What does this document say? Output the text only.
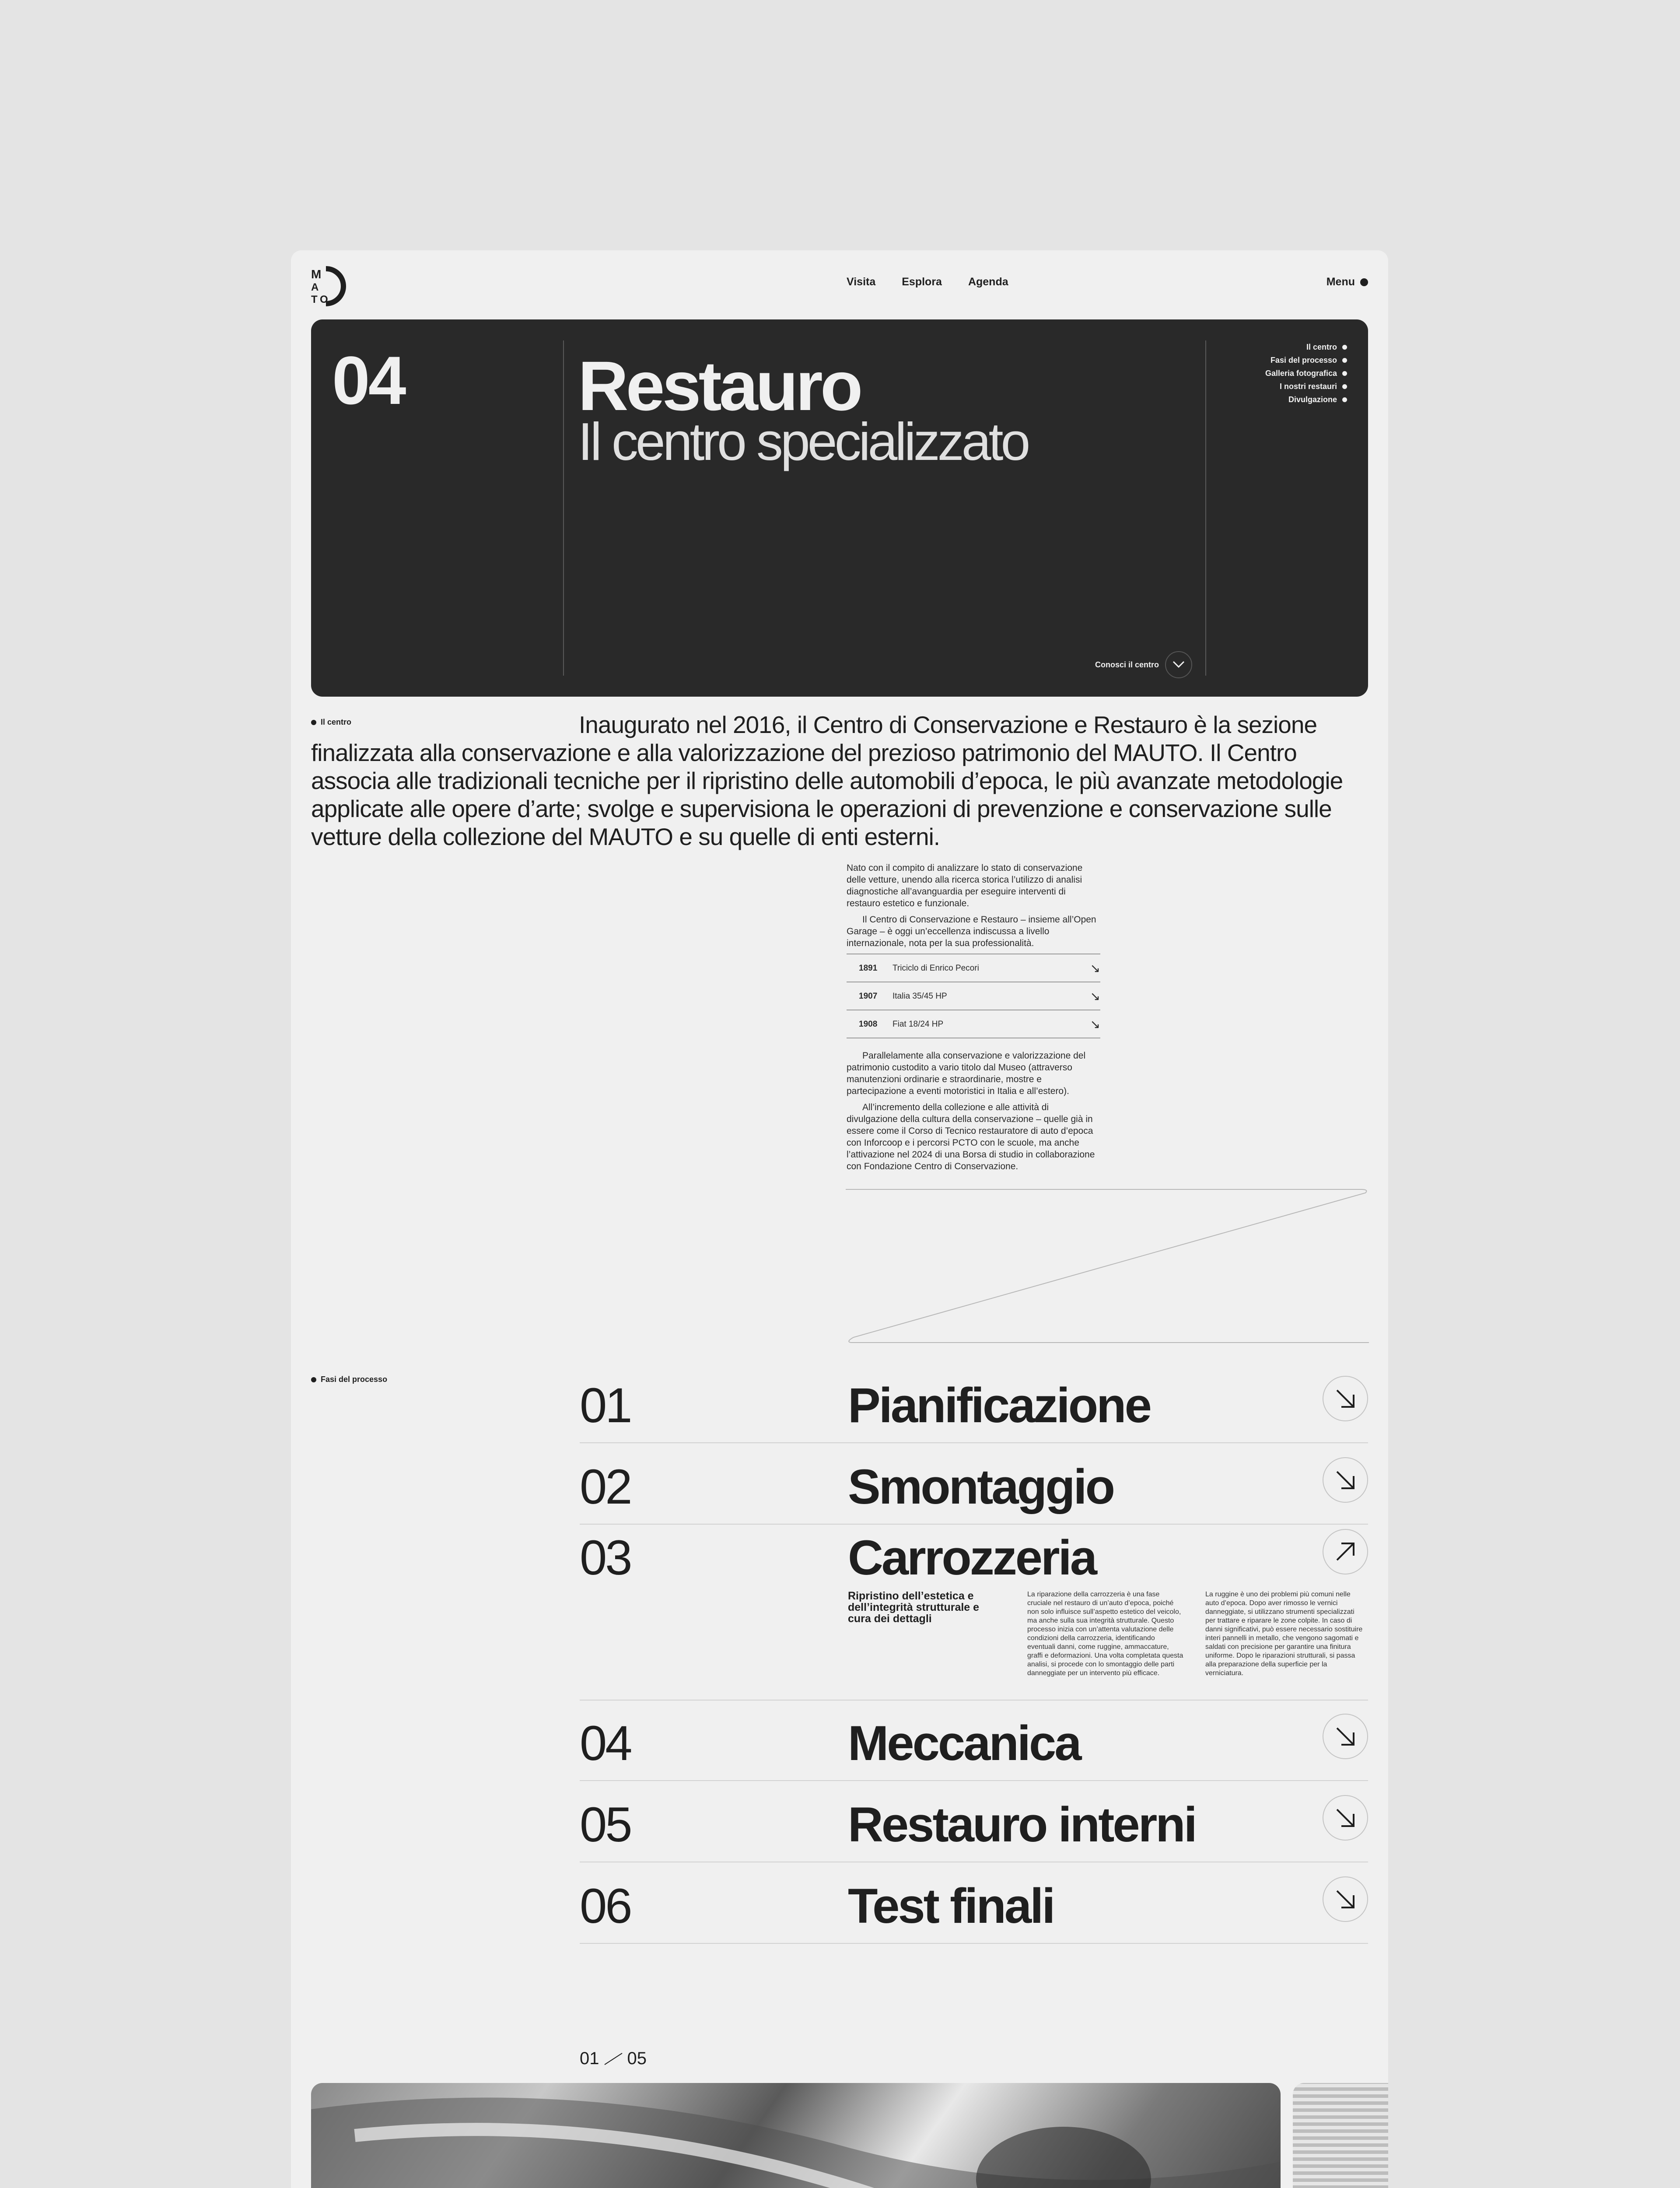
M
A
T O
Visita Esplora Agenda	Menu
04 Restauro
Il centro specializzato
Il centro
Fasi del processo
Galleria fotografica
I nostri restauri
Divulgazione
Conosci il centro
Il centro	Inaugurato nel 2016, il Centro di Conservazione e Restauro è la sezione finalizzata alla conservazione e alla valorizzazione del prezioso patrimonio del MAUTO. Il Centro associa alle tradizionali tecniche per il ripristino delle automobili d’epoca, le più avanzate metodologie applicate alle opere d’arte; svolge e supervisiona le operazioni di prevenzione e conservazione sulle vetture della collezione del MAUTO e su quelle di enti esterni.

Nato con il compito di analizzare lo stato di conservazione delle vetture, unendo alla ricerca storica l’utilizzo di analisi diagnostiche all’avanguardia per eseguire interventi di restauro estetico e funzionale.

Il Centro di Conservazione e Restauro – insieme all’Open Garage – è oggi un’eccellenza indiscussa a livello internazionale, nota per la sua professionalità.

1891	Triciclo di Enrico Pecori	↘
1907	Italia 35/45 HP	↘
1908	Fiat 18/24 HP	↘

Parallelamente alla conservazione e valorizzazione del patrimonio custodito a vario titolo dal Museo (attraverso manutenzioni ordinarie e straordinarie, mostre e partecipazione a eventi motoristici in Italia e all’estero).

All’incremento della collezione e alle attività di divulgazione della cultura della conservazione – quelle già in essere come il Corso di Tecnico restauratore di auto d’epoca con Inforcoop e i percorsi PCTO con le scuole, ma anche l’attivazione nel 2024 di una Borsa di studio in collaborazione con Fondazione Centro di Conservazione.

Fasi del processo	01	Pianificazione
02	Smontaggio
03	Carrozzeria
Ripristino dell’estetica e dell’integrità strutturale e cura dei dettagli
La riparazione della carrozzeria è una fase cruciale nel restauro di un’auto d’epoca, poiché non solo influisce sull’aspetto estetico del veicolo, ma anche sulla sua integrità strutturale. Questo processo inizia con un’attenta valutazione delle condizioni della carrozzeria, identificando eventuali danni, come ruggine, ammaccature, graffi e deformazioni. Una volta completata questa analisi, si procede con lo smontaggio delle parti danneggiate per un intervento più efficace.
La ruggine è uno dei problemi più comuni nelle auto d’epoca. Dopo aver rimosso le vernici danneggiate, si utilizzano strumenti specializzati per trattare e riparare le zone colpite. In caso di danni significativi, può essere necessario sostituire interi pannelli in metallo, che vengono sagomati e saldati con precisione per garantire una finitura uniforme. Dopo le riparazioni strutturali, si passa alla preparazione della superficie per la verniciatura.
04	Meccanica
05	Restauro interni
06	Test finali
01 05
